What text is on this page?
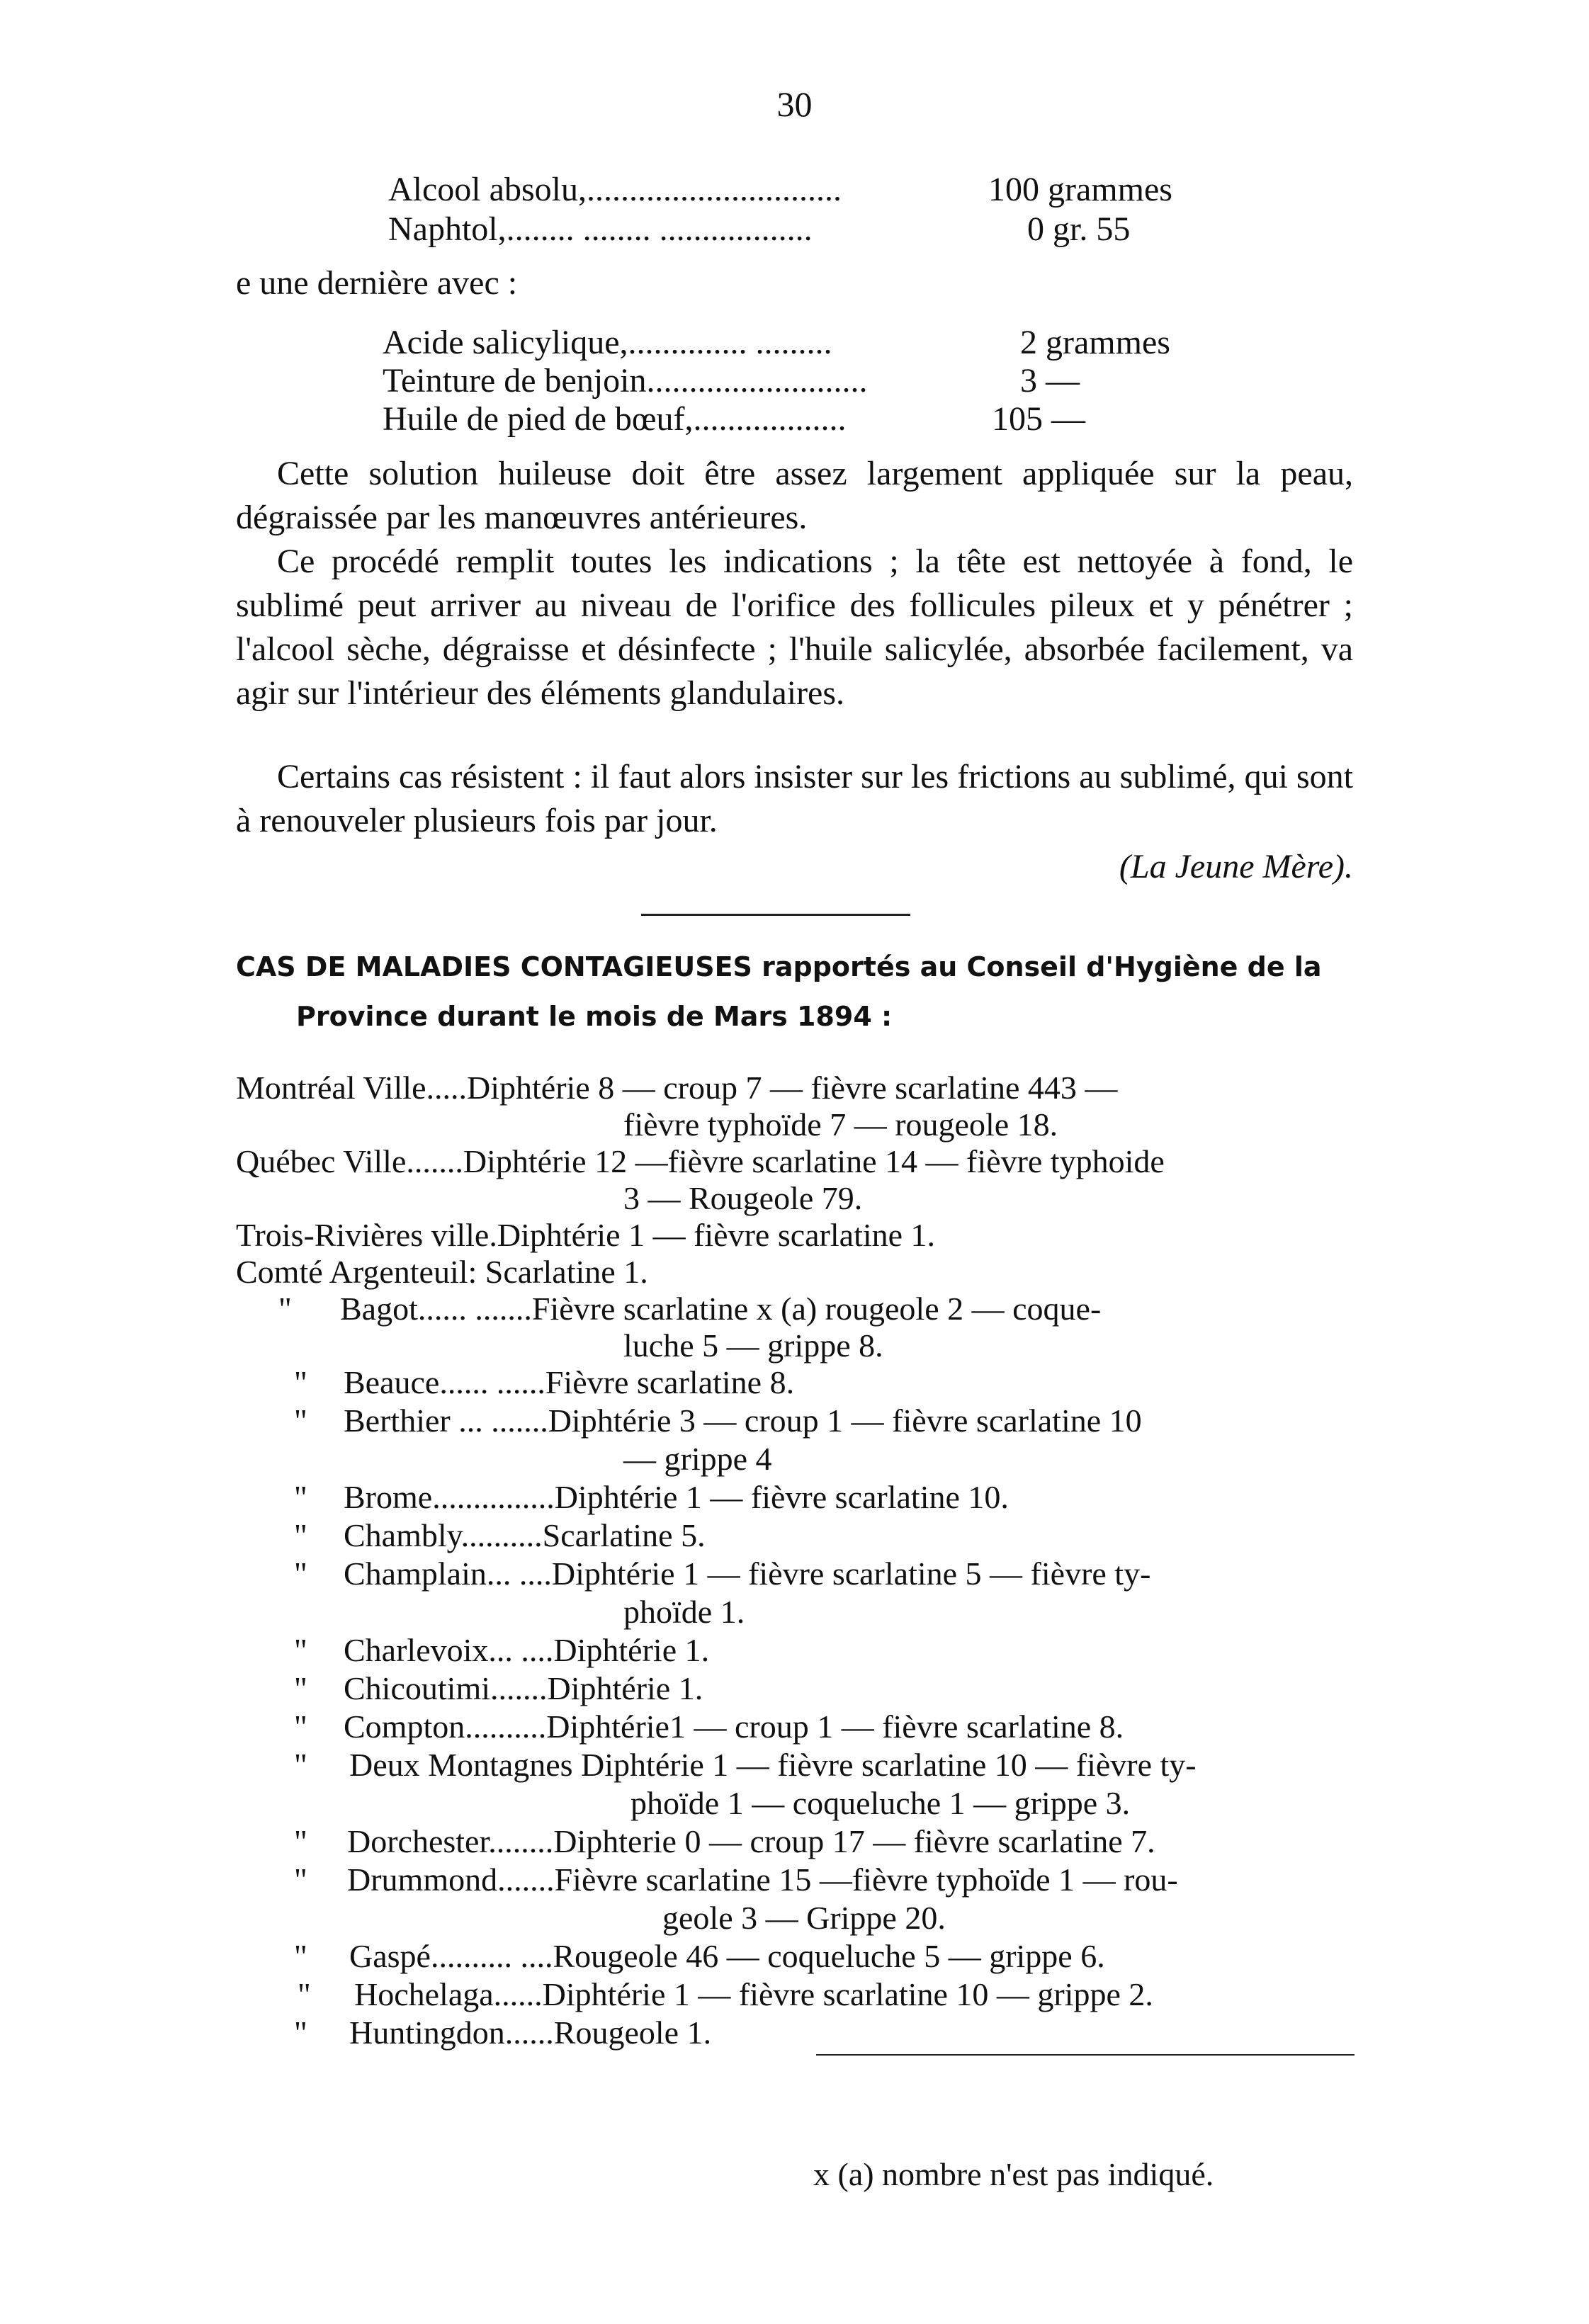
30
Alcool absolu,..............................	100 grammes
Naphtol,........ ........ ..................	0 gr. 55
e une dernière avec :
Acide salicylique,.............. .........	2 grammes
Teinture de benjoin..........................	3 —
Huile de pied de bœuf,..................	105 —

Cette solution huileuse doit être assez largement appliquée sur la peau, dégraissée par les manœuvres antérieures.

Ce procédé remplit toutes les indications ; la tête est nettoyée à fond, le sublimé peut arriver au niveau de l'orifice des follicules pileux et y pénétrer ; l'alcool sèche, dégraisse et désinfecte ; l'huile salicylée, absorbée facilement, va agir sur l'intérieur des éléments glandulaires.

Certains cas résistent : il faut alors insister sur les frictions au sublimé, qui sont à renouveler plusieurs fois par jour.

(La Jeune Mère).
CAS DE MALADIES CONTAGIEUSES rapportés au Conseil d'Hygiène de la
Province durant le mois de Mars 1894 :
Montréal Ville.....Diphtérie 8 — croup 7 — fièvre scarlatine 443 —
fièvre typhoïde 7 — rougeole 18.
Québec Ville.......Diphtérie 12 —fièvre scarlatine 14 — fièvre typhoide
3 — Rougeole 79.
Trois-Rivières ville.Diphtérie 1 — fièvre scarlatine 1.
Comté Argenteuil: Scarlatine 1.
" Bagot...... .......Fièvre scarlatine x (a) rougeole 2 — coque-
luche 5 — grippe 8.
" Beauce...... ......Fièvre scarlatine 8.
" Berthier ... .......Diphtérie 3 — croup 1 — fièvre scarlatine 10
— grippe 4
" Brome...............Diphtérie 1 — fièvre scarlatine 10.
" Chambly..........Scarlatine 5.
" Champlain... ....Diphtérie 1 — fièvre scarlatine 5 — fièvre ty-
phoïde 1.
" Charlevoix... ....Diphtérie 1.
" Chicoutimi.......Diphtérie 1.
" Compton..........Diphtérie1 — croup 1 — fièvre scarlatine 8.
" Deux Montagnes Diphtérie 1 — fièvre scarlatine 10 — fièvre ty-
phoïde 1 — coqueluche 1 — grippe 3.
" Dorchester........Diphterie 0 — croup 17 — fièvre scarlatine 7.
" Drummond.......Fièvre scarlatine 15 —fièvre typhoïde 1 — rou-
geole 3 — Grippe 20.
" Gaspé.......... ....Rougeole 46 — coqueluche 5 — grippe 6.
" Hochelaga......Diphtérie 1 — fièvre scarlatine 10 — grippe 2.
" Huntingdon......Rougeole 1.
x (a) nombre n'est pas indiqué.
